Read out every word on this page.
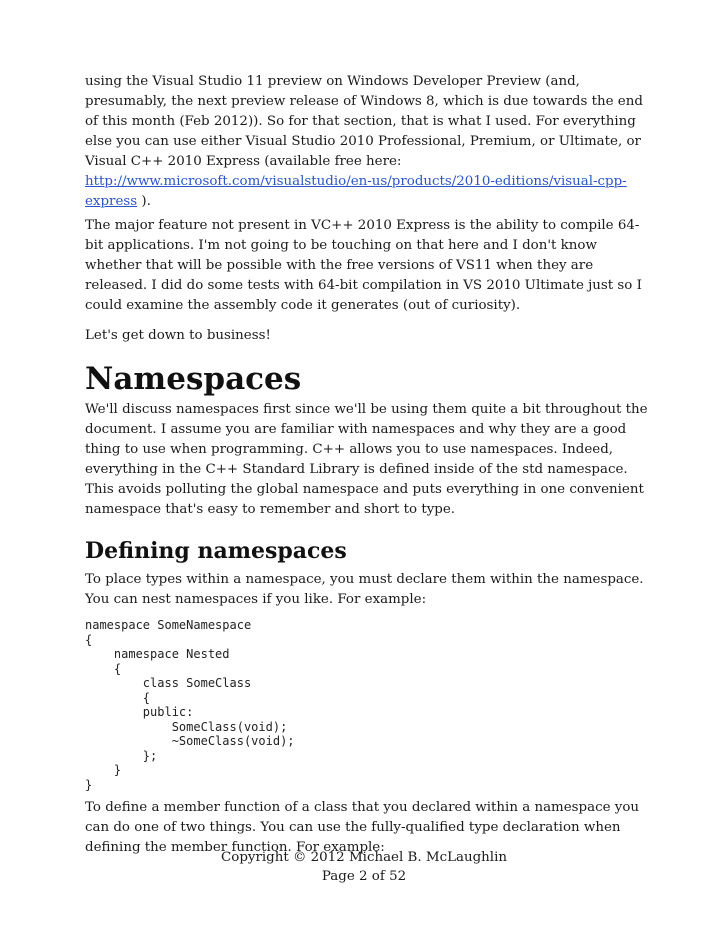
using the Visual Studio 11 preview on Windows Developer Preview (and, presumably, the next preview release of Windows 8, which is due towards the end of this month (Feb 2012)). So for that section, that is what I used. For everything else you can use either Visual Studio 2010 Professional, Premium, or Ultimate, or Visual C++ 2010 Express (available free here: http://www.microsoft.com/visualstudio/en-us/products/2010-editions/visual-cpp-express ).

The major feature not present in VC++ 2010 Express is the ability to compile 64-bit applications. I'm not going to be touching on that here and I don't know whether that will be possible with the free versions of VS11 when they are released. I did do some tests with 64-bit compilation in VS 2010 Ultimate just so I could examine the assembly code it generates (out of curiosity).

Let's get down to business!

Namespaces

We'll discuss namespaces first since we'll be using them quite a bit throughout the document. I assume you are familiar with namespaces and why they are a good thing to use when programming. C++ allows you to use namespaces. Indeed, everything in the C++ Standard Library is defined inside of the std namespace. This avoids polluting the global namespace and puts everything in one convenient namespace that's easy to remember and short to type.

Defining namespaces

To place types within a namespace, you must declare them within the namespace. You can nest namespaces if you like. For example:

namespace SomeNamespace
{
namespace Nested
{
class SomeClass
{
public:
SomeClass(void);
~SomeClass(void);
};
}
}

To define a member function of a class that you declared within a namespace you can do one of two things. You can use the fully-qualified type declaration when defining the member function. For example:

Copyright © 2012 Michael B. McLaughlin
Page 2 of 52
